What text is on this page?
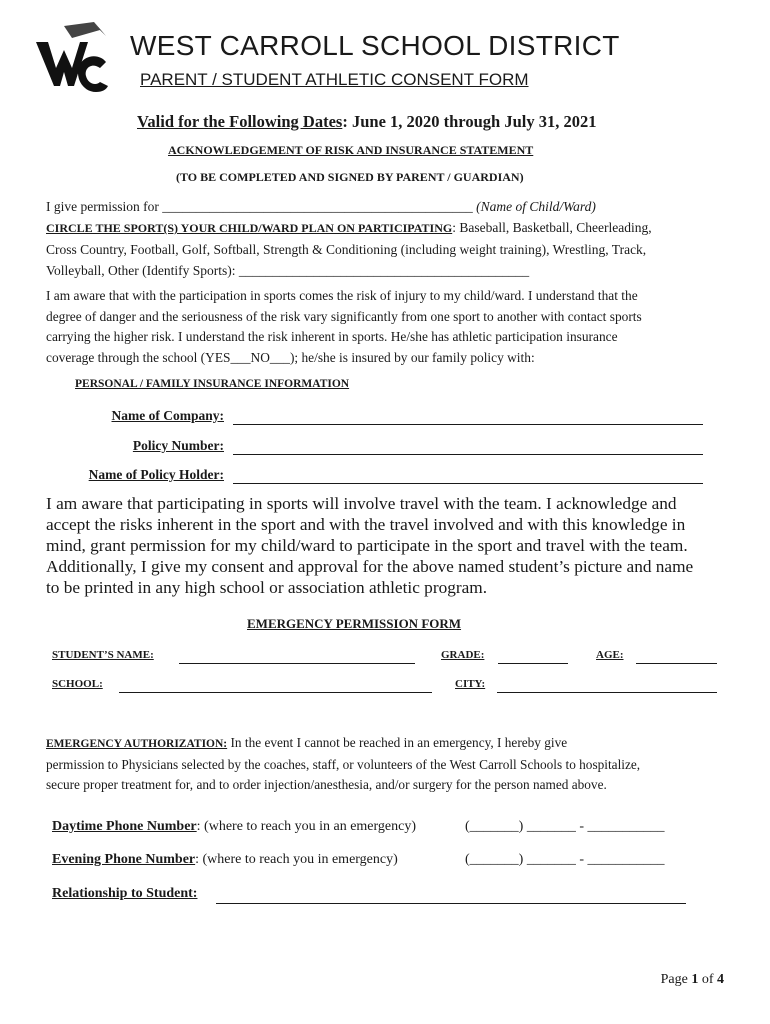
WEST CARROLL SCHOOL DISTRICT
PARENT / STUDENT ATHLETIC CONSENT FORM
Valid for the Following Dates: June 1, 2020 through July 31, 2021
ACKNOWLEDGEMENT OF RISK AND INSURANCE STATEMENT
(TO BE COMPLETED AND SIGNED BY PARENT / GUARDIAN)
I give permission for ______________________________________________ (Name of Child/Ward)
CIRCLE THE SPORT(S) YOUR CHILD/WARD PLAN ON PARTICIPATING: Baseball, Basketball, Cheerleading,
Cross Country, Football, Golf, Softball, Strength & Conditioning (including weight training), Wrestling, Track,
Volleyball, Other (Identify Sports): ___________________________________________
I am aware that with the participation in sports comes the risk of injury to my child/ward. I understand that the
degree of danger and the seriousness of the risk vary significantly from one sport to another with contact sports
carrying the higher risk. I understand the risk inherent in sports. He/she has athletic participation insurance
coverage through the school (YES___NO___); he/she is insured by our family policy with:
PERSONAL / FAMILY INSURANCE INFORMATION
Name of Company:
Policy Number:
Name of Policy Holder:
I am aware that participating in sports will involve travel with the team. I acknowledge and
accept the risks inherent in the sport and with the travel involved and with this knowledge in
mind, grant permission for my child/ward to participate in the sport and travel with the team.
Additionally, I give my consent and approval for the above named student’s picture and name
to be printed in any high school or association athletic program.
EMERGENCY PERMISSION FORM
STUDENT’S NAME:	GRADE:	AGE:
SCHOOL:	CITY:
EMERGENCY AUTHORIZATION: In the event I cannot be reached in an emergency, I hereby give
permission to Physicians selected by the coaches, staff, or volunteers of the West Carroll Schools to hospitalize,
secure proper treatment for, and to order injection/anesthesia, and/or surgery for the person named above.
Daytime Phone Number: (where to reach you in an emergency)	(_______) _______ - ___________
Evening Phone Number: (where to reach you in emergency)	(_______) _______ - ___________
Relationship to Student:
Page 1 of 4
